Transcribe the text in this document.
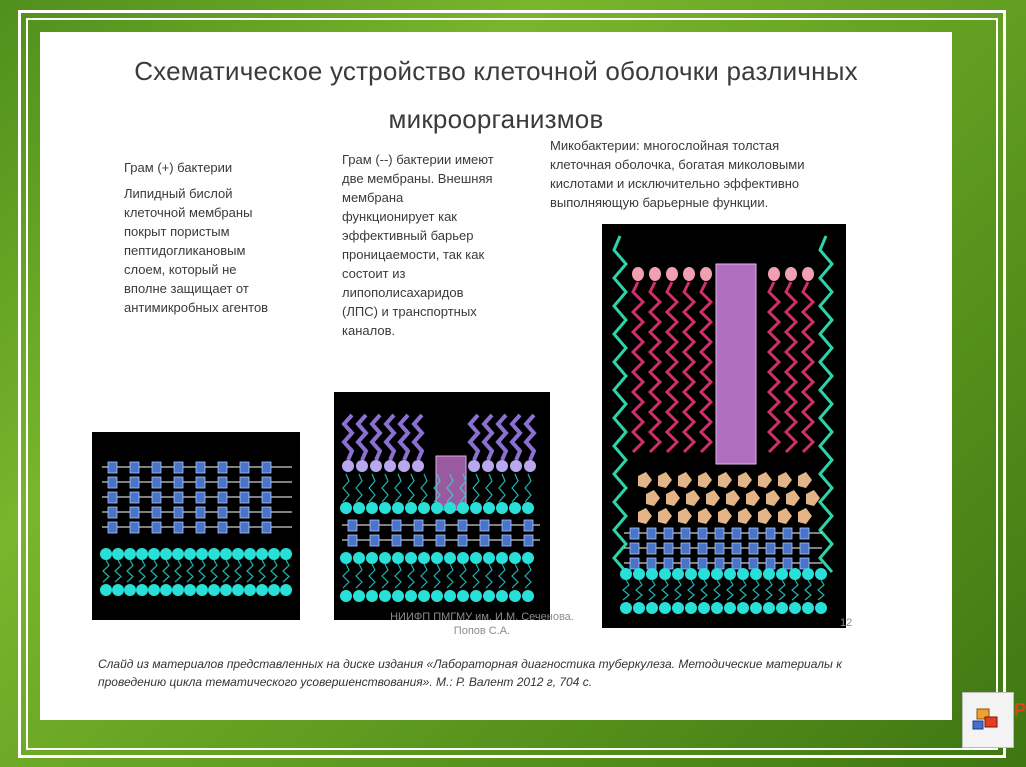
Схематическое устройство клеточной оболочки различных
микроорганизмов
Грам (+) бактерии
Липидный бислой
клеточной мембраны
покрыт пористым
пептидогликановым
слоем, который не
вполне защищает от
антимикробных агентов
Грам (--) бактерии имеют
две мембраны. Внешняя
мембрана
функционирует как
эффективный барьер
проницаемости, так как
состоит из
липополисахаридов
(ЛПС) и транспортных
каналов.
Микобактерии: многослойная толстая
клеточная оболочка, богатая миколовыми
кислотами и исключительно эффективно
выполняющую барьерные функции.
НИИФП ПМГМУ им. И.М. Сеченова.
Попов С.А.
12
Слайд из материалов представленных на диске издания «Лабораторная диагностика туберкулеза. Методические материалы к проведению цикла тематического усовершенствования». М.: Р. Валент 2012 г, 704 с.
Р
